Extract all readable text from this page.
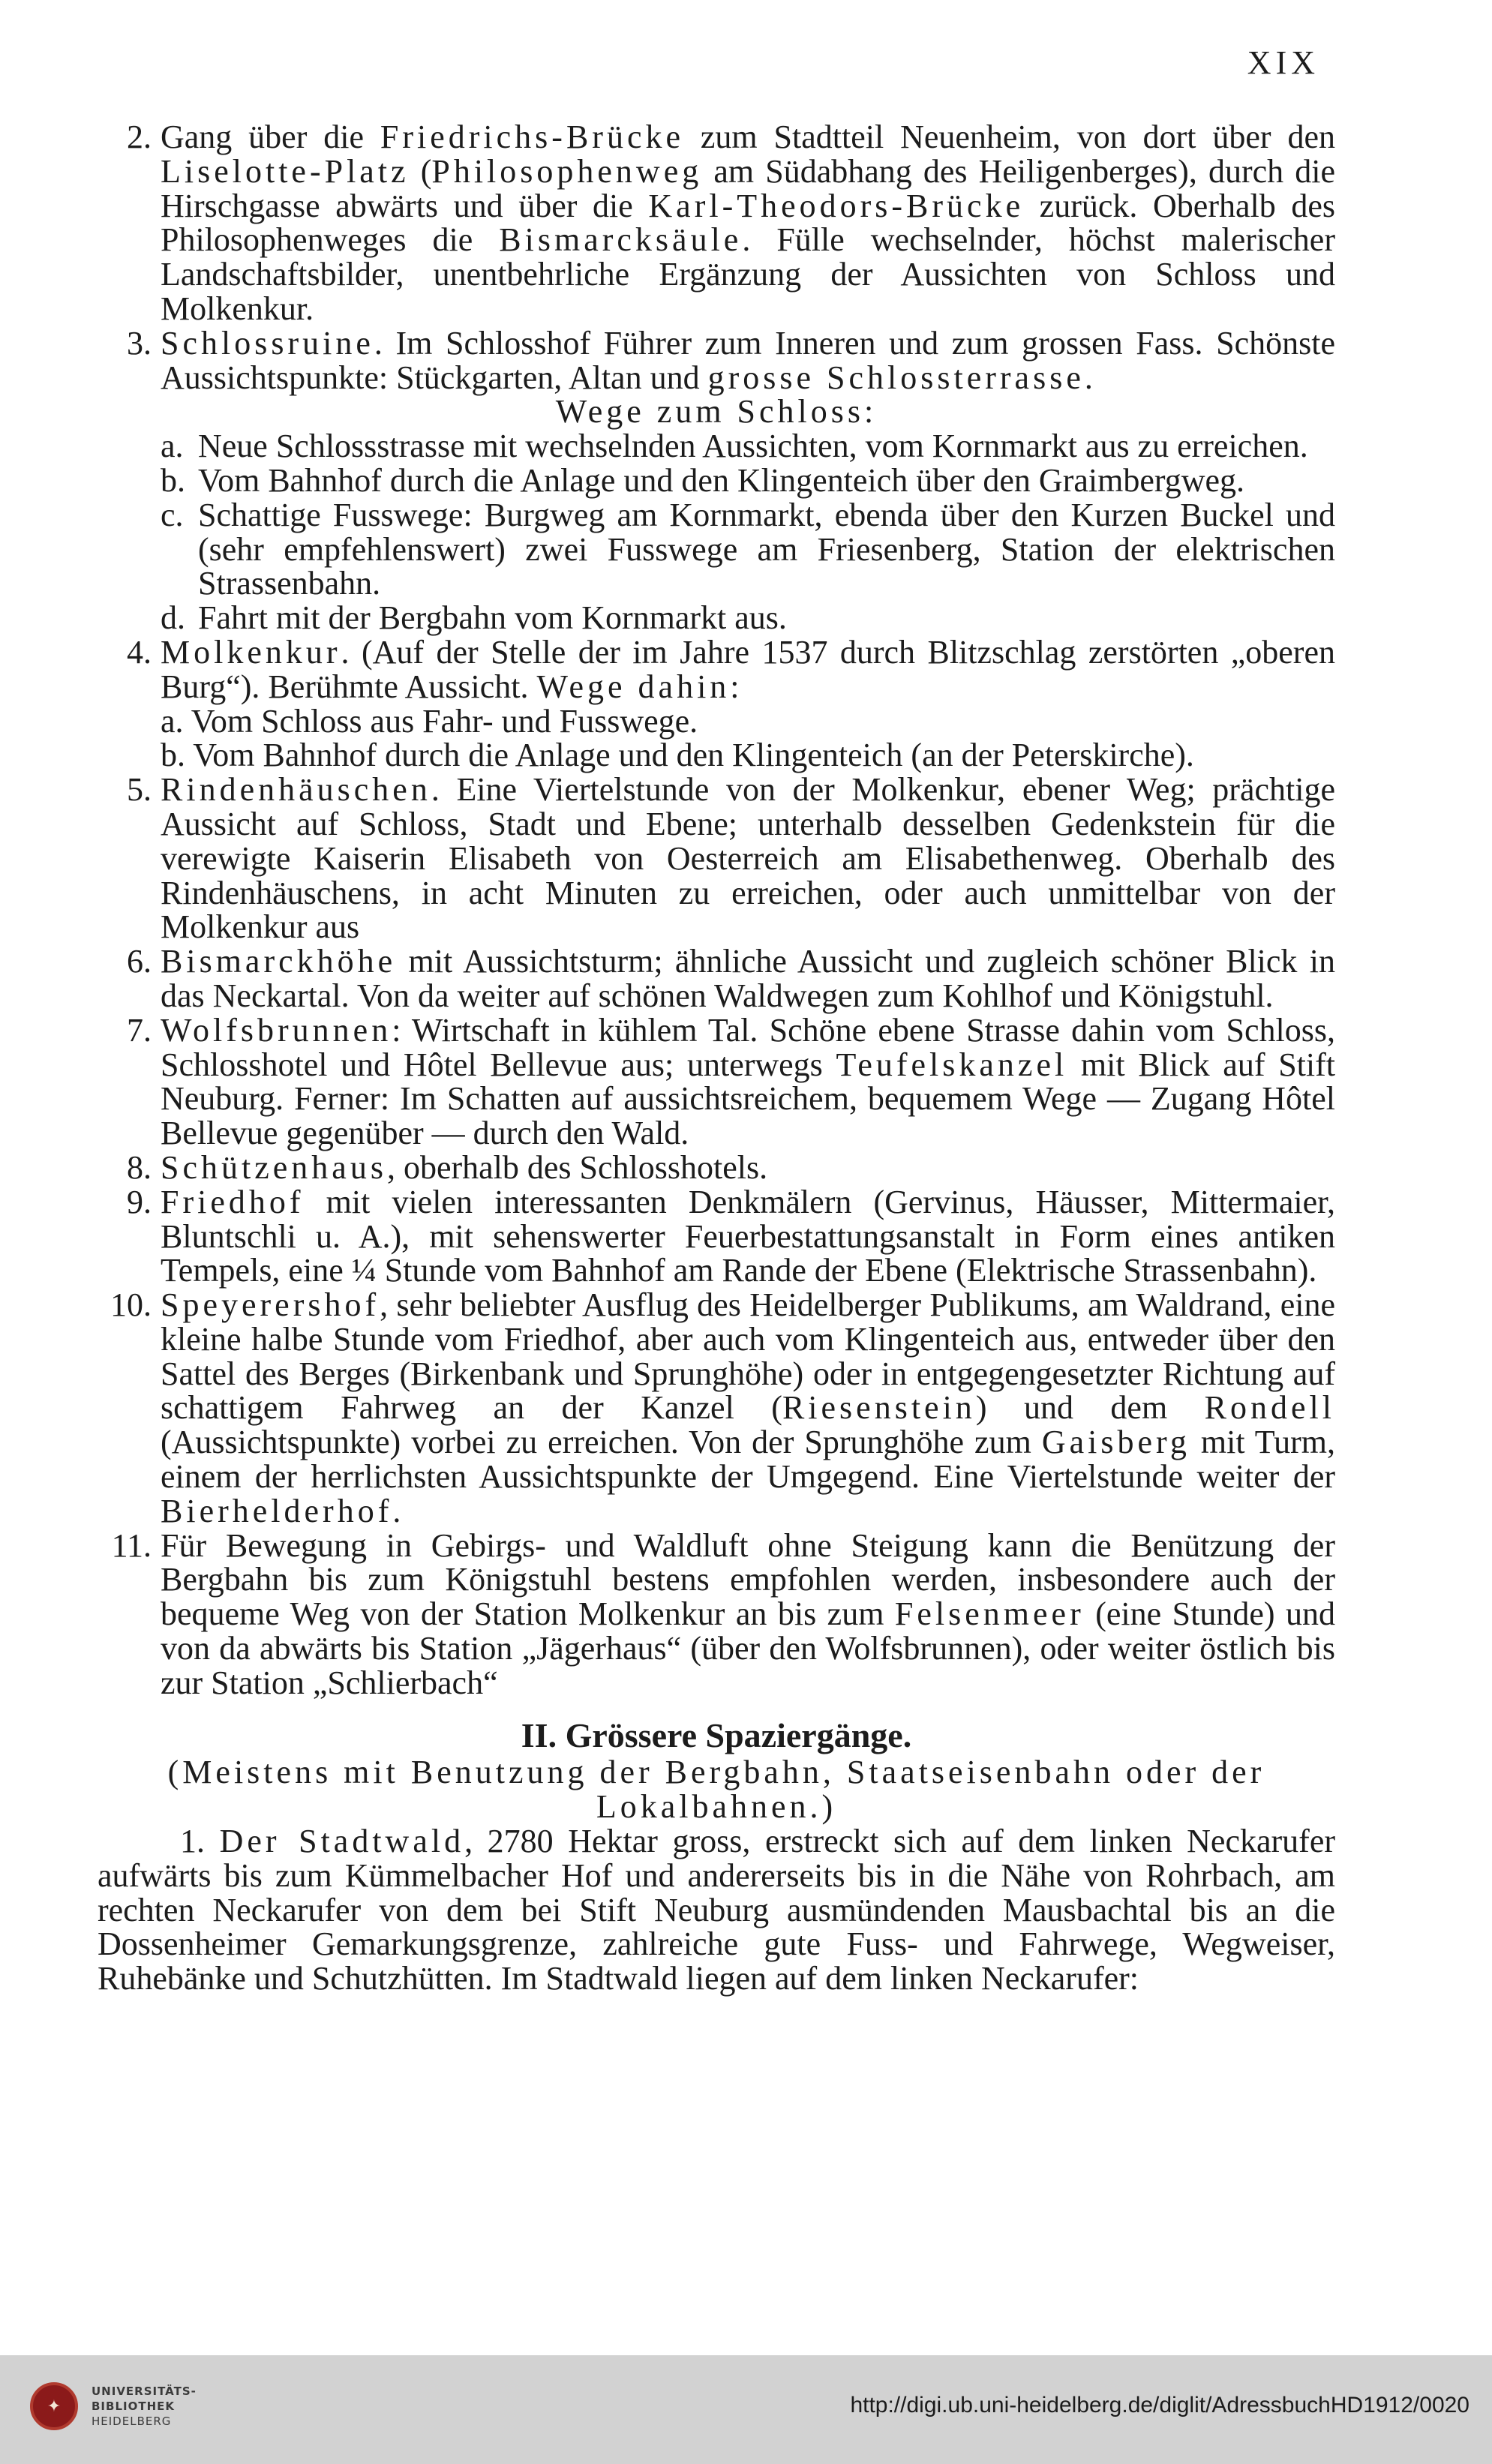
XIX
2. Gang über die Friedrichs-Brücke zum Stadtteil Neuenheim, von dort über den Liselotte-Platz (Philosophenweg am Südabhang des Heiligenberges), durch die Hirschgasse abwärts und über die Karl-Theodors-Brücke zurück. Oberhalb des Philosophenweges die Bismarcksäule. Fülle wechselnder, höchst malerischer Landschaftsbilder, unentbehrliche Ergänzung der Aussichten von Schloss und Molkenkur.
3. Schlossruine. Im Schlosshof Führer zum Inneren und zum grossen Fass. Schönste Aussichtspunkte: Stückgarten, Altan und grosse Schlossterrasse.
Wege zum Schloss:
a. Neue Schlossstrasse mit wechselnden Aussichten, vom Kornmarkt aus zu erreichen.
b. Vom Bahnhof durch die Anlage und den Klingenteich über den Graimbergweg.
c. Schattige Fusswege: Burgweg am Kornmarkt, ebenda über den Kurzen Buckel und (sehr empfehlenswert) zwei Fusswege am Friesenberg, Station der elektrischen Strassenbahn.
d. Fahrt mit der Bergbahn vom Kornmarkt aus.
4. Molkenkur. (Auf der Stelle der im Jahre 1537 durch Blitzschlag zerstörten „oberen Burg“). Berühmte Aussicht. Wege dahin:
a. Vom Schloss aus Fahr- und Fusswege.
b. Vom Bahnhof durch die Anlage und den Klingenteich (an der Peterskirche).
5. Rindenhäuschen. Eine Viertelstunde von der Molkenkur, ebener Weg; prächtige Aussicht auf Schloss, Stadt und Ebene; unterhalb desselben Gedenkstein für die verewigte Kaiserin Elisabeth von Oesterreich am Elisabethenweg. Oberhalb des Rindenhäuschens, in acht Minuten zu erreichen, oder auch unmittelbar von der Molkenkur aus
6. Bismarckhöhe mit Aussichtsturm; ähnliche Aussicht und zugleich schöner Blick in das Neckartal. Von da weiter auf schönen Waldwegen zum Kohlhof und Königstuhl.
7. Wolfsbrunnen: Wirtschaft in kühlem Tal. Schöne ebene Strasse dahin vom Schloss, Schlosshotel und Hôtel Bellevue aus; unterwegs Teufelskanzel mit Blick auf Stift Neuburg. Ferner: Im Schatten auf aussichtsreichem, bequemem Wege — Zugang Hôtel Bellevue gegenüber — durch den Wald.
8. Schützenhaus, oberhalb des Schlosshotels.
9. Friedhof mit vielen interessanten Denkmälern (Gervinus, Häusser, Mittermaier, Bluntschli u. A.), mit sehenswerter Feuerbestattungsanstalt in Form eines antiken Tempels, eine ¼ Stunde vom Bahnhof am Rande der Ebene (Elektrische Strassenbahn).
10. Speyerershof, sehr beliebter Ausflug des Heidelberger Publikums, am Waldrand, eine kleine halbe Stunde vom Friedhof, aber auch vom Klingenteich aus, entweder über den Sattel des Berges (Birkenbank und Sprunghöhe) oder in entgegengesetzter Richtung auf schattigem Fahrweg an der Kanzel (Riesenstein) und dem Rondell (Aussichtspunkte) vorbei zu erreichen. Von der Sprunghöhe zum Gaisberg mit Turm, einem der herrlichsten Aussichtspunkte der Umgegend. Eine Viertelstunde weiter der Bierhelderhof.
11. Für Bewegung in Gebirgs- und Waldluft ohne Steigung kann die Benützung der Bergbahn bis zum Königstuhl bestens empfohlen werden, insbesondere auch der bequeme Weg von der Station Molkenkur an bis zum Felsenmeer (eine Stunde) und von da abwärts bis Station „Jägerhaus“ (über den Wolfsbrunnen), oder weiter östlich bis zur Station „Schlierbach“
II. Grössere Spaziergänge.
(Meistens mit Benutzung der Bergbahn, Staatseisenbahn oder der Lokalbahnen.)
1. Der Stadtwald, 2780 Hektar gross, erstreckt sich auf dem linken Neckarufer aufwärts bis zum Kümmelbacher Hof und andererseits bis in die Nähe von Rohrbach, am rechten Neckarufer von dem bei Stift Neuburg ausmündenden Mausbachtal bis an die Dossenheimer Gemarkungsgrenze, zahlreiche gute Fuss- und Fahrwege, Wegweiser, Ruhebänke und Schutzhütten. Im Stadtwald liegen auf dem linken Neckarufer:
✦
UNIVERSITÄTS-
BIBLIOTHEK
HEIDELBERG
http://digi.ub.uni-heidelberg.de/diglit/AdressbuchHD1912/0020
